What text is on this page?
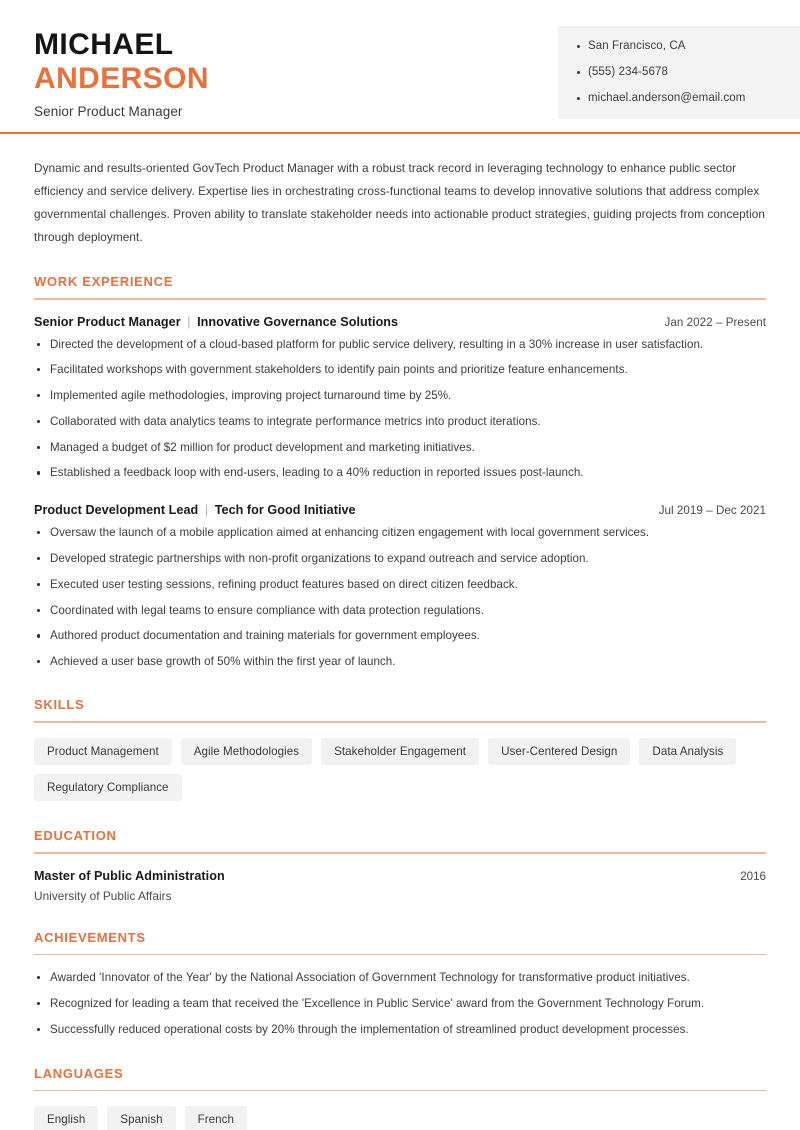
MICHAEL
ANDERSON
Senior Product Manager
San Francisco, CA
(555) 234-5678
michael.anderson@email.com
Dynamic and results-oriented GovTech Product Manager with a robust track record in leveraging technology to enhance public sector efficiency and service delivery. Expertise lies in orchestrating cross-functional teams to develop innovative solutions that address complex governmental challenges. Proven ability to translate stakeholder needs into actionable product strategies, guiding projects from conception through deployment.
WORK EXPERIENCE
Senior Product Manager | Innovative Governance Solutions	Jan 2022 – Present
Directed the development of a cloud-based platform for public service delivery, resulting in a 30% increase in user satisfaction.
Facilitated workshops with government stakeholders to identify pain points and prioritize feature enhancements.
Implemented agile methodologies, improving project turnaround time by 25%.
Collaborated with data analytics teams to integrate performance metrics into product iterations.
Managed a budget of $2 million for product development and marketing initiatives.
Established a feedback loop with end-users, leading to a 40% reduction in reported issues post-launch.
Product Development Lead | Tech for Good Initiative	Jul 2019 – Dec 2021
Oversaw the launch of a mobile application aimed at enhancing citizen engagement with local government services.
Developed strategic partnerships with non-profit organizations to expand outreach and service adoption.
Executed user testing sessions, refining product features based on direct citizen feedback.
Coordinated with legal teams to ensure compliance with data protection regulations.
Authored product documentation and training materials for government employees.
Achieved a user base growth of 50% within the first year of launch.
SKILLS
Product Management	Agile Methodologies	Stakeholder Engagement	User-Centered Design	Data Analysis
Regulatory Compliance
EDUCATION
Master of Public Administration	2016
University of Public Affairs
ACHIEVEMENTS
Awarded 'Innovator of the Year' by the National Association of Government Technology for transformative product initiatives.
Recognized for leading a team that received the 'Excellence in Public Service' award from the Government Technology Forum.
Successfully reduced operational costs by 20% through the implementation of streamlined product development processes.
LANGUAGES
English	Spanish	French
